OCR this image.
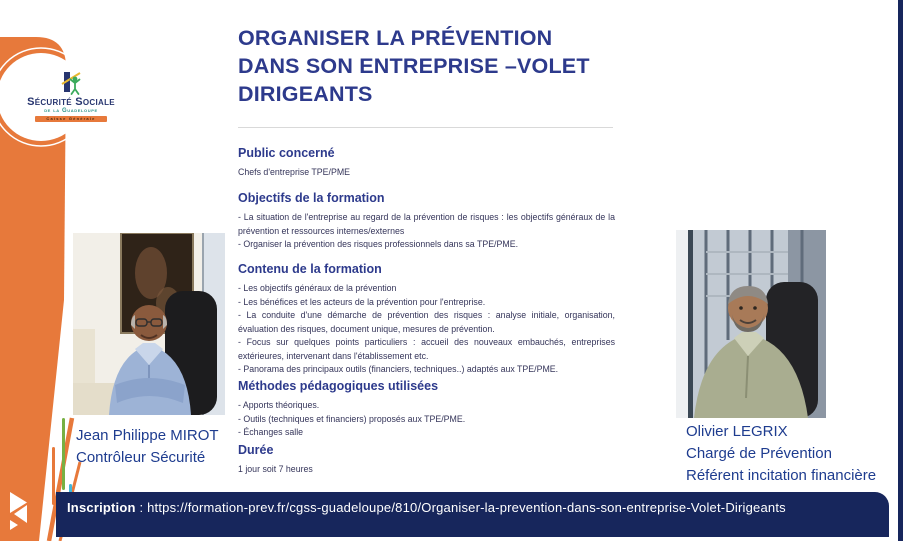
Sécurité Sociale
de la Guadeloupe
Caisse Générale
ORGANISER LA PRÉVENTION
DANS SON ENTREPRISE –VOLET
DIRIGEANTS
Public concerné

Chefs d'entreprise TPE/PME

Objectifs de la formation

- La situation de l'entreprise au regard de la prévention de risques : les objectifs généraux de la prévention et ressources internes/externes

- Organiser la prévention des risques professionnels dans sa TPE/PME.

Contenu de la formation

- Les objectifs généraux de la prévention

- Les bénéfices et les acteurs de la prévention pour l'entreprise.

- La conduite d'une démarche de prévention des risques : analyse initiale, organisation, évaluation des risques, document unique, mesures de prévention.

- Focus sur quelques points particuliers : accueil des nouveaux embauchés, entreprises extérieures, intervenant dans l'établissement etc.

- Panorama des principaux outils (financiers, techniques..) adaptés aux TPE/PME.

Méthodes pédagogiques utilisées

- Apports théoriques.

- Outils (techniques et financiers) proposés aux TPE/PME.

- Échanges salle

Durée

1 jour soit 7 heures

Jean Philippe MIROT
Contrôleur Sécurité
Olivier LEGRIX
Chargé de Prévention
Référent incitation financière
Inscription : https://formation-prev.fr/cgss-guadeloupe/810/Organiser-la-prevention-dans-son-entreprise-Volet-Dirigeants
